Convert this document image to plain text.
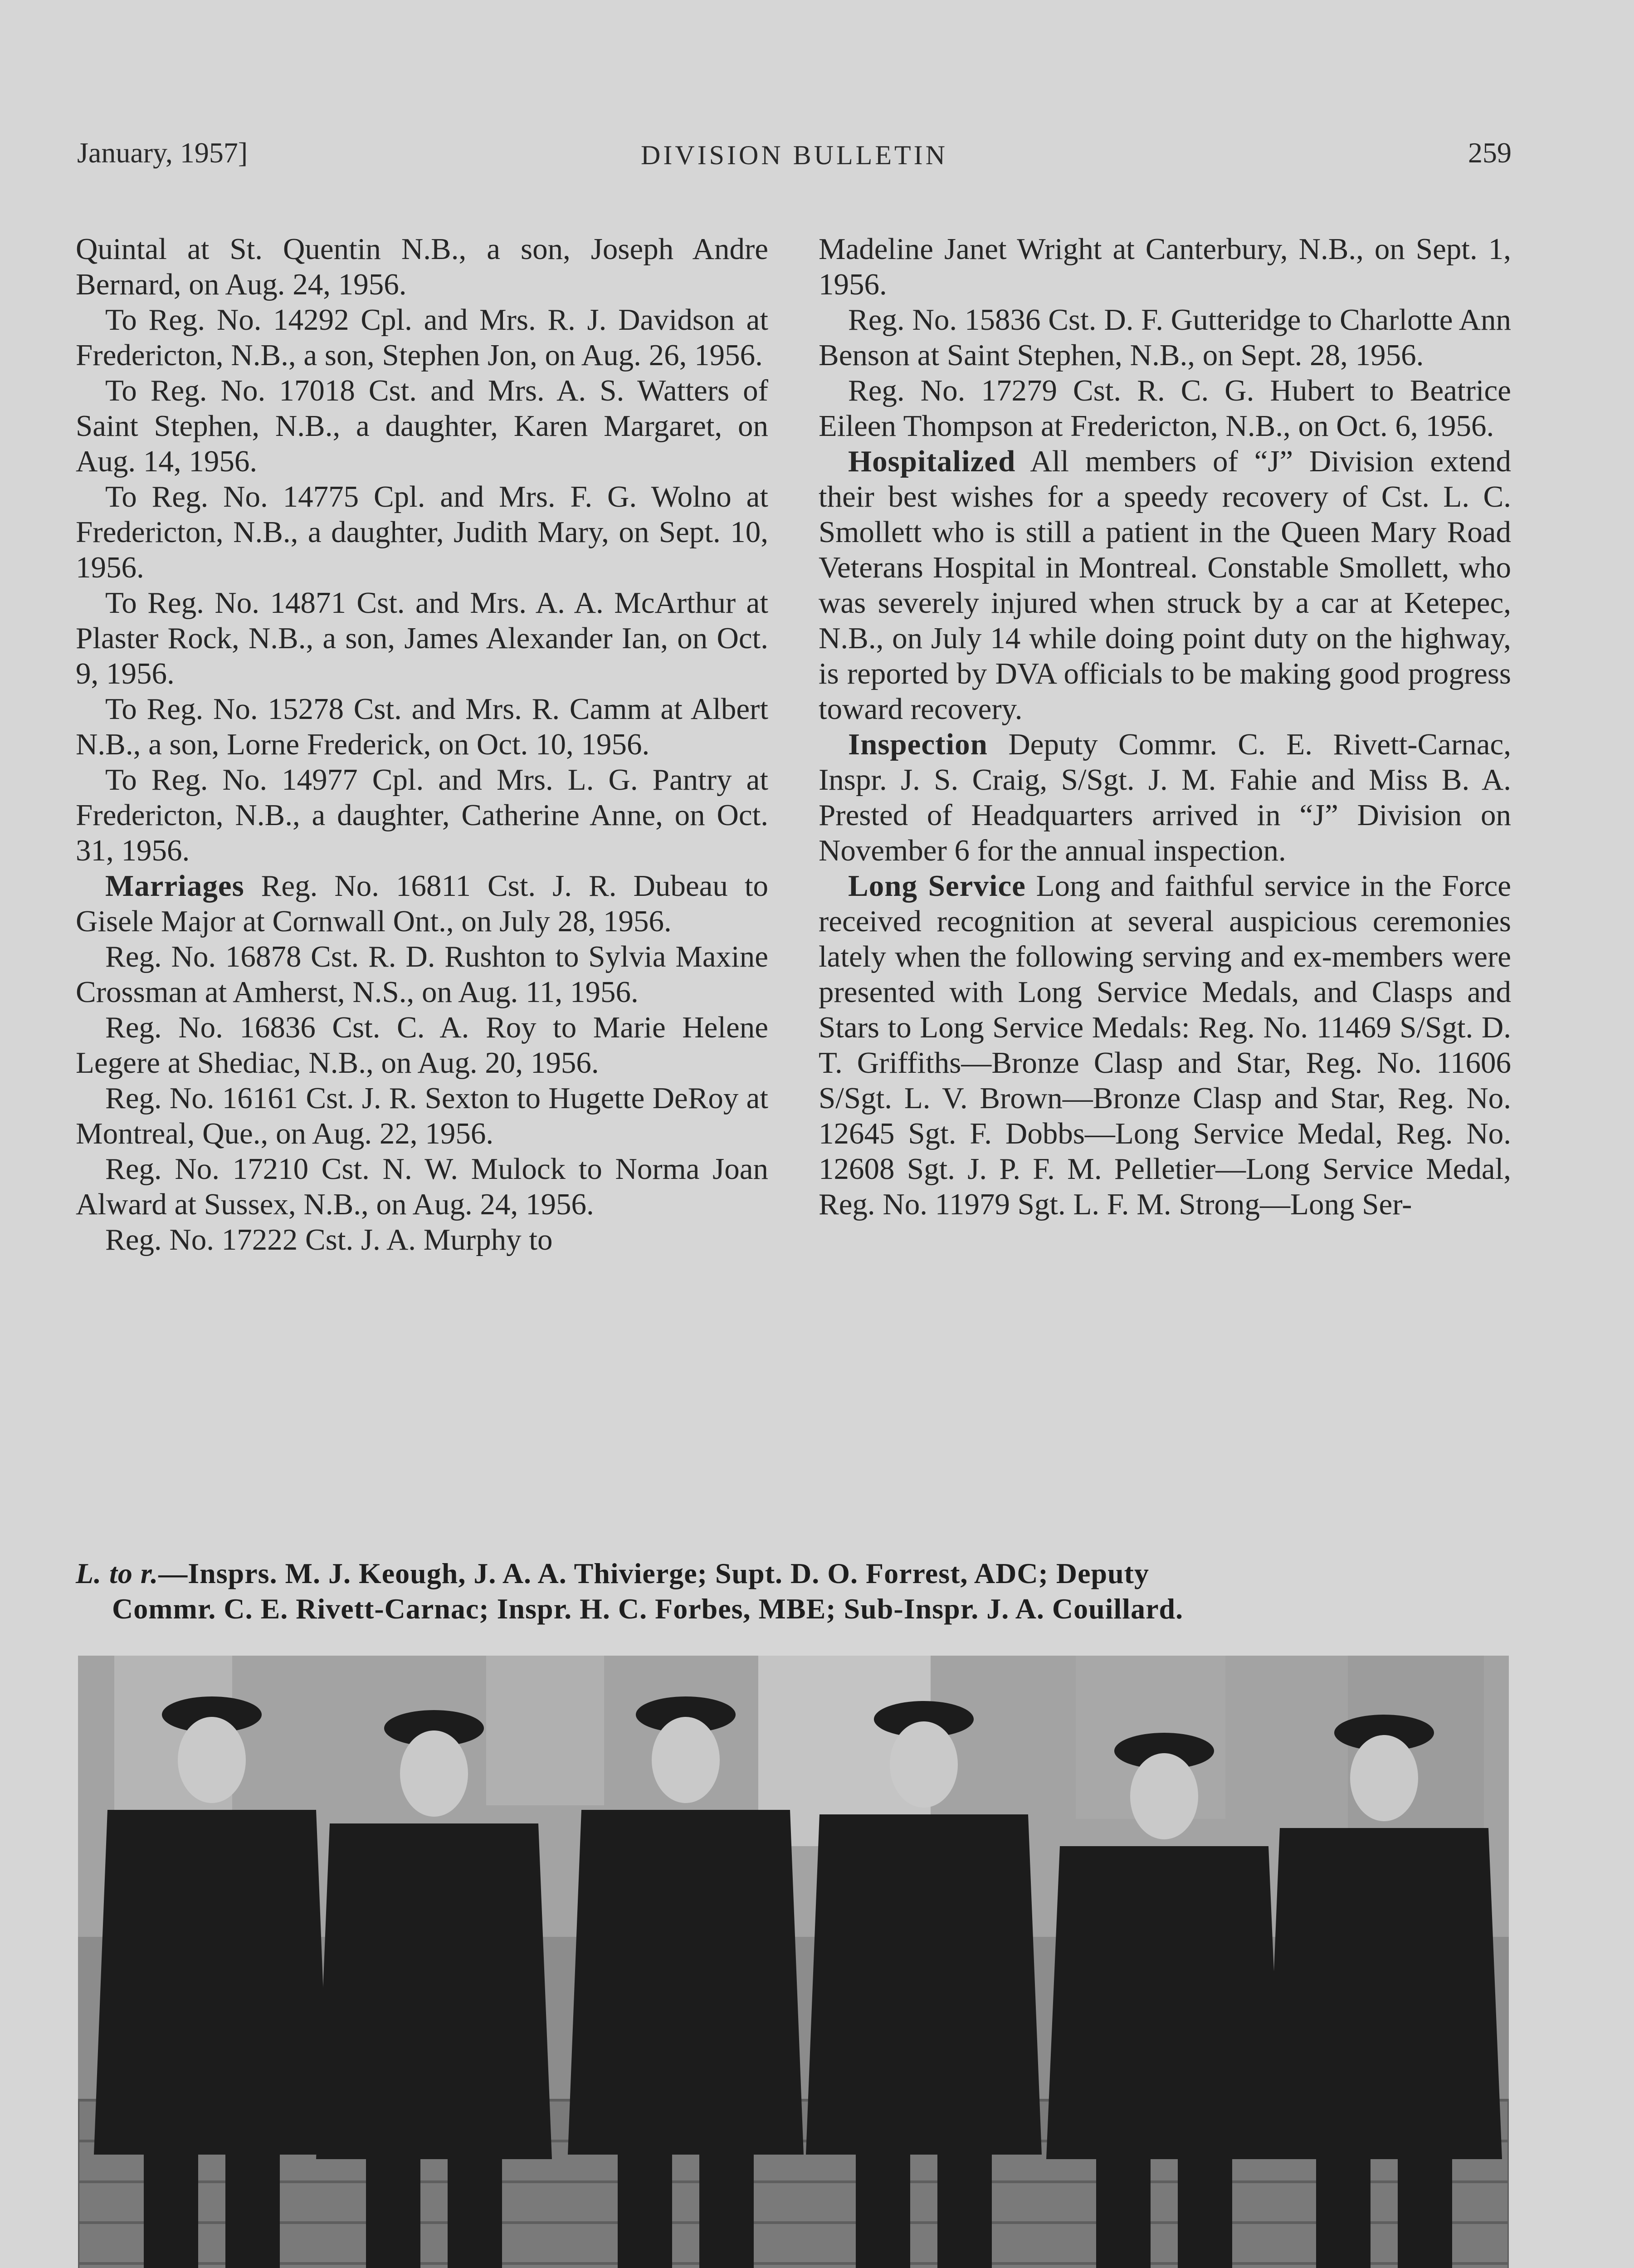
January, 1957]	DIVISION BULLETIN	259

Quintal at St. Quentin N.B., a son, Joseph Andre Bernard, on Aug. 24, 1956.

To Reg. No. 14292 Cpl. and Mrs. R. J. Davidson at Fredericton, N.B., a son, Stephen Jon, on Aug. 26, 1956.

To Reg. No. 17018 Cst. and Mrs. A. S. Watters of Saint Stephen, N.B., a daughter, Karen Margaret, on Aug. 14, 1956.

To Reg. No. 14775 Cpl. and Mrs. F. G. Wolno at Fredericton, N.B., a daughter, Judith Mary, on Sept. 10, 1956.

To Reg. No. 14871 Cst. and Mrs. A. A. McArthur at Plaster Rock, N.B., a son, James Alexander Ian, on Oct. 9, 1956.

To Reg. No. 15278 Cst. and Mrs. R. Camm at Albert N.B., a son, Lorne Frederick, on Oct. 10, 1956.

To Reg. No. 14977 Cpl. and Mrs. L. G. Pantry at Fredericton, N.B., a daughter, Catherine Anne, on Oct. 31, 1956.

Marriages Reg. No. 16811 Cst. J. R. Dubeau to Gisele Major at Cornwall Ont., on July 28, 1956.

Reg. No. 16878 Cst. R. D. Rushton to Sylvia Maxine Crossman at Amherst, N.S., on Aug. 11, 1956.

Reg. No. 16836 Cst. C. A. Roy to Marie Helene Legere at Shediac, N.B., on Aug. 20, 1956.

Reg. No. 16161 Cst. J. R. Sexton to Hugette DeRoy at Montreal, Que., on Aug. 22, 1956.

Reg. No. 17210 Cst. N. W. Mulock to Norma Joan Alward at Sussex, N.B., on Aug. 24, 1956.

Reg. No. 17222 Cst. J. A. Murphy to

Madeline Janet Wright at Canterbury, N.B., on Sept. 1, 1956.

Reg. No. 15836 Cst. D. F. Gutteridge to Charlotte Ann Benson at Saint Stephen, N.B., on Sept. 28, 1956.

Reg. No. 17279 Cst. R. C. G. Hubert to Beatrice Eileen Thompson at Fredericton, N.B., on Oct. 6, 1956.

Hospitalized All members of “J” Division extend their best wishes for a speedy recovery of Cst. L. C. Smollett who is still a patient in the Queen Mary Road Veterans Hospital in Montreal. Constable Smollett, who was severely injured when struck by a car at Ketepec, N.B., on July 14 while doing point duty on the highway, is reported by DVA officials to be making good progress toward recovery.

Inspection Deputy Commr. C. E. Rivett-Carnac, Inspr. J. S. Craig, S/Sgt. J. M. Fahie and Miss B. A. Prested of Headquarters arrived in “J” Division on November 6 for the annual inspection.

Long Service Long and faithful service in the Force received recognition at several auspicious ceremonies lately when the following serving and ex-members were presented with Long Service Medals, and Clasps and Stars to Long Service Medals: Reg. No. 11469 S/Sgt. D. T. Griffiths—Bronze Clasp and Star, Reg. No. 11606 S/Sgt. L. V. Brown—Bronze Clasp and Star, Reg. No. 12645 Sgt. F. Dobbs—Long Service Medal, Reg. No. 12608 Sgt. J. P. F. M. Pelletier—Long Service Medal, Reg. No. 11979 Sgt. L. F. M. Strong—Long Ser-

L. to r.—Insprs. M. J. Keough, J. A. A. Thivierge; Supt. D. O. Forrest, ADC; Deputy
Commr. C. E. Rivett-Carnac; Inspr. H. C. Forbes, MBE; Sub-Inspr. J. A. Couillard.
